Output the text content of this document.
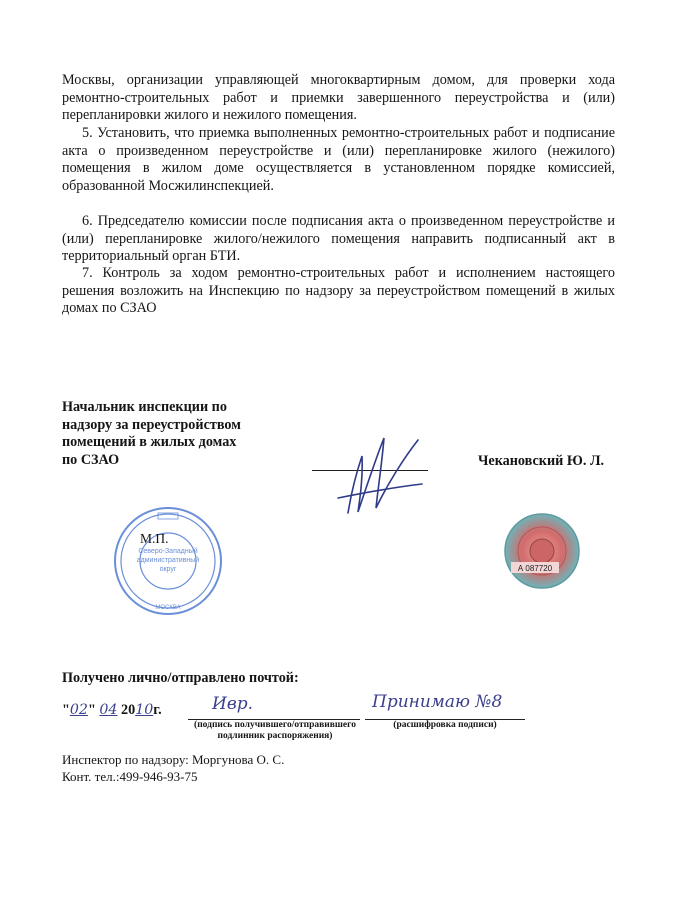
Москвы, организации управляющей многоквартирным домом, для проверки хода ремонтно-строительных работ и приемки завершенного переустройства и (или) перепланировки жилого и нежилого помещения.

5. Установить, что приемка выполненных ремонтно-строительных работ и подписание акта о произведенном переустройстве и (или) перепланировке жилого (нежилого) помещения в жилом доме осуществляется в установленном порядке комиссией, образованной Мосжилинспекцией.

6. Председателю комиссии после подписания акта о произведенном переустройстве и (или) перепланировке жилого/нежилого помещения направить подписанный акт в территориальный орган БТИ.

7. Контроль за ходом ремонтно-строительных работ и исполнением настоящего решения возложить на Инспекцию по надзору за переустройством помещений в жилых домах по СЗАО

Начальник инспекции по
надзору за переустройством
помещений в жилых домах
по СЗАО	Чекановский Ю. Л.
Северо-Западный
административный
округ
МОСКВА
М.П.
А 087720
Получено лично/отправлено почтой:
"02" 04 2010г.	Ивр.
(подпись получившего/отправившего
подлинник распоряжения)
Принимаю №8
(расшифровка подписи)
Инспектор по надзору: Моргунова О. С.
Конт. тел.:499-946-93-75
